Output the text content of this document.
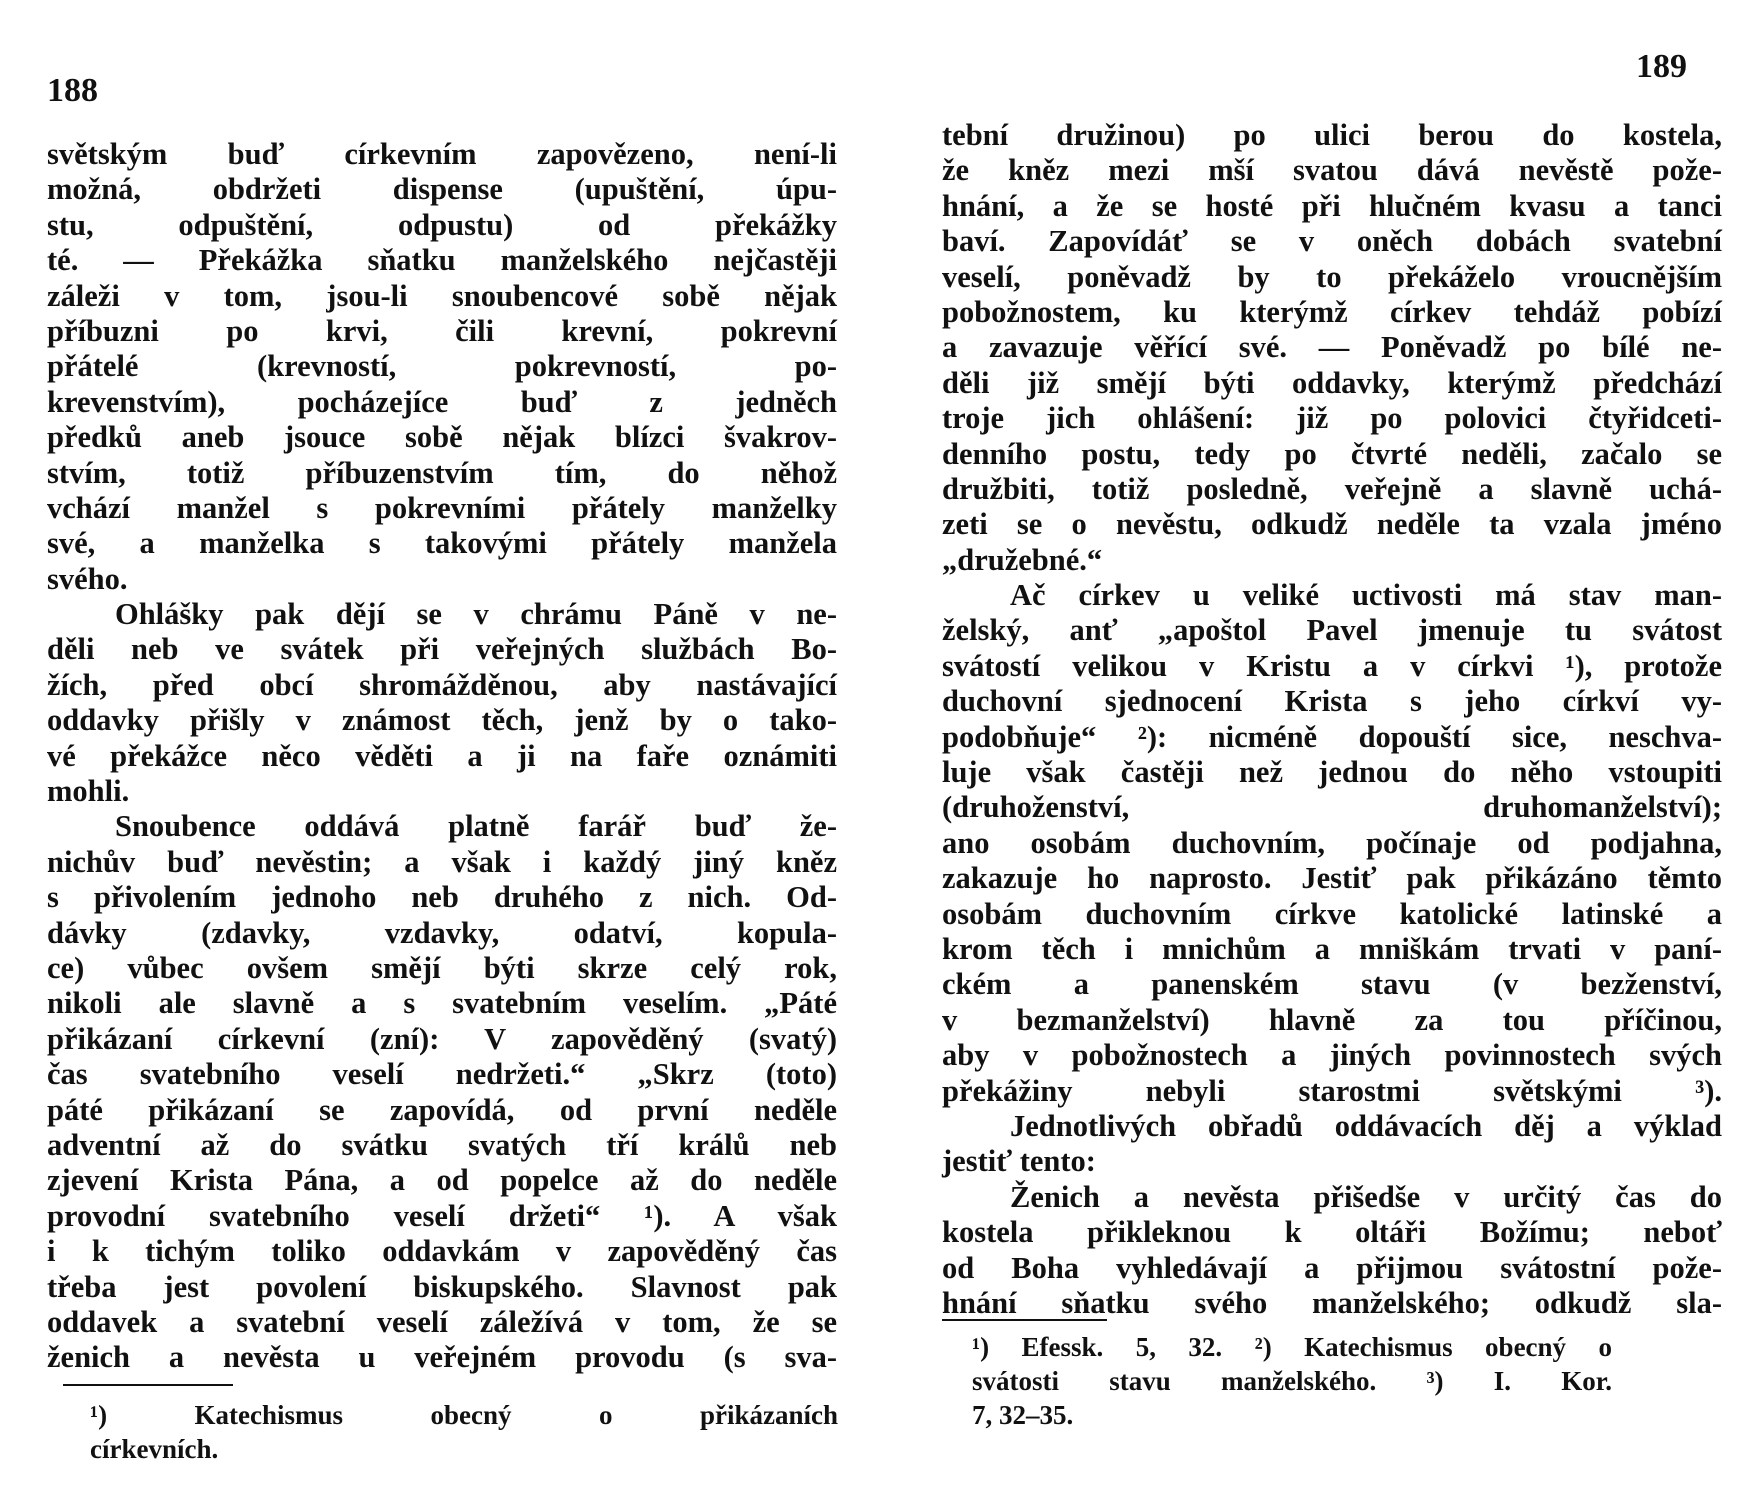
188
světským buď církevním zapovězeno, není-li
možná, obdržeti dispense (upuštění, úpu-
stu, odpuštění, odpustu) od překážky
té. — Překážka sňatku manželského nejčastěji
záleži v tom, jsou-li snoubencové sobě nějak
příbuzni po krvi, čili krevní, pokrevní
přátelé (krevností, pokrevností, po-
krevenstvím), pocházejíce buď z jedněch
předků aneb jsouce sobě nějak blízci švakrov-
stvím, totiž příbuzenstvím tím, do něhož
vchází manžel s pokrevními přátely manželky
své, a manželka s takovými přátely manžela
svého.
Ohlášky pak dějí se v chrámu Páně v ne-
děli neb ve svátek při veřejných službách Bo-
žích, před obcí shromážděnou, aby nastávající
oddavky přišly v známost těch, jenž by o tako-
vé překážce něco věděti a ji na faře oznámiti
mohli.
Snoubence oddává platně farář buď že-
nichův buď nevěstin; a však i každý jiný kněz
s přivolením jednoho neb druhého z nich. Od-
dávky (zdavky, vzdavky, odatví, kopula-
ce) vůbec ovšem smějí býti skrze celý rok,
nikoli ale slavně a s svatebním veselím. „Páté
přikázaní církevní (zní): V zapověděný (svatý)
čas svatebního veselí nedržeti.“ „Skrz (toto)
páté přikázaní se zapovídá, od první neděle
adventní až do svátku svatých tří králů neb
zjevení Krista Pána, a od popelce až do neděle
provodní svatebního veselí držeti“ ¹). A však
i k tichým toliko oddavkám v zapověděný čas
třeba jest povolení biskupského. Slavnost pak
oddavek a svatební veselí záležívá v tom, že se
ženich a nevěsta u veřejném provodu (s sva-
¹) Katechismus obecný o přikázaních
církevních.
189
tební družinou) po ulici berou do kostela,
že kněz mezi mší svatou dává nevěstě pože-
hnání, a že se hosté při hlučném kvasu a tanci
baví. Zapovídáť se v oněch dobách svatební
veselí, poněvadž by to překáželo vroucnějším
pobožnostem, ku kterýmž církev tehdáž pobízí
a zavazuje věřící své. — Poněvadž po bílé ne-
děli již smějí býti oddavky, kterýmž předchází
troje jich ohlášení: již po polovici čtyřidceti-
denního postu, tedy po čtvrté neděli, začalo se
družbiti, totiž posledně, veřejně a slavně uchá-
zeti se o nevěstu, odkudž neděle ta vzala jméno
„družebné.“
Ač církev u veliké uctivosti má stav man-
želský, anť „apoštol Pavel jmenuje tu svátost
svátostí velikou v Kristu a v církvi ¹), protože
duchovní sjednocení Krista s jeho církví vy-
podobňuje“ ²): nicméně dopouští sice, neschva-
luje však častěji než jednou do něho vstoupiti
(druhoženství, druhomanželství);
ano osobám duchovním, počínaje od podjahna,
zakazuje ho naprosto. Jestiť pak přikázáno těmto
osobám duchovním církve katolické latinské a
krom těch i mnichům a mniškám trvati v paní-
ckém a panenském stavu (v bezženství,
v bezmanželství) hlavně za tou příčinou,
aby v pobožnostech a jiných povinnostech svých
překážiny nebyli starostmi světskými ³).
Jednotlivých obřadů oddávacích děj a výklad
jestiť tento:
Ženich a nevěsta přišedše v určitý čas do
kostela přikleknou k oltáři Božímu; neboť
od Boha vyhledávají a přijmou svátostní pože-
hnání sňatku svého manželského; odkudž sla-
¹) Efessk. 5, 32. ²) Katechismus obecný o
svátosti stavu manželského. ³) I. Kor.
7, 32–35.
